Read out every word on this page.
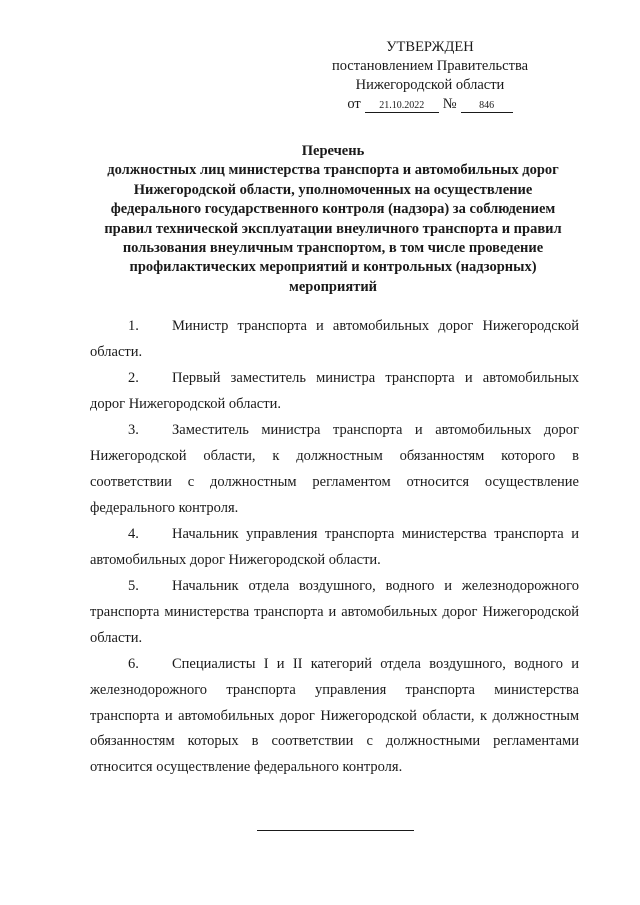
УТВЕРЖДЕН
постановлением Правительства
Нижегородской области
от	21.10.2022	№	846
Перечень
должностных лиц министерства транспорта и автомобильных дорог Нижегородской области, уполномоченных на осуществление федерального государственного контроля (надзора) за соблюдением правил технической эксплуатации внеуличного транспорта и правил пользования внеуличным транспортом, в том числе проведение профилактических мероприятий и контрольных (надзорных) мероприятий

1. Министр транспорта и автомобильных дорог Нижегородской области.

2. Первый заместитель министра транспорта и автомобильных дорог Нижегородской области.

3. Заместитель министра транспорта и автомобильных дорог Нижегородской области, к должностным обязанностям которого в соответствии с должностным регламентом относится осуществление федерального контроля.

4. Начальник управления транспорта министерства транспорта и автомобильных дорог Нижегородской области.

5. Начальник отдела воздушного, водного и железнодорожного транспорта министерства транспорта и автомобильных дорог Нижегородской области.

6. Специалисты I и II категорий отдела воздушного, водного и железнодорожного транспорта управления транспорта министерства транспорта и автомобильных дорог Нижегородской области, к должностным обязанностям которых в соответствии с должностными регламентами относится осуществление федерального контроля.
